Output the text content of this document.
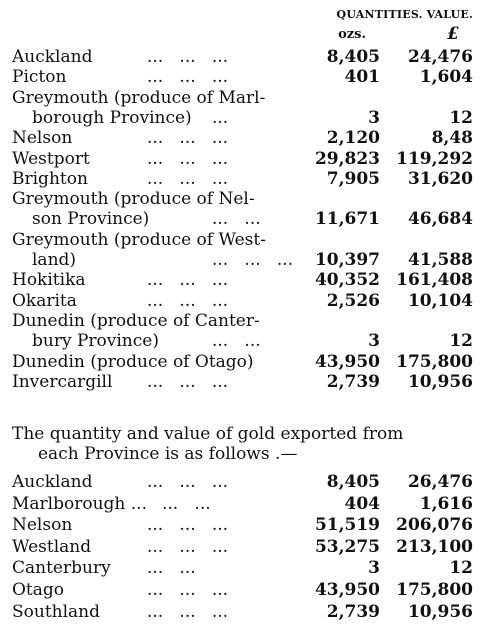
QUANTITIES. VALUE.
ozs.	£
Auckland	...   ...   ...	8,405 24,476
Picton	...   ...   ...	401 1,604
Greymouth (produce of Marl-
borough Province) ...	3	12
Nelson	...   ...   ...	2,120	8,48
Westport	...   ...   ...	29,823 119,292
Brighton	...   ...   ...	7,905 31,620
Greymouth (produce of Nel-
son Province)	...   ...	11,671 46,684
Greymouth (produce of West-
land)	...   ...   ... 10,397 41,588
Hokitika	...   ...   ...	40,352 161,408
Okarita	...   ...   ...	2,526 10,104
Dunedin (produce of Canter-
bury Province)	...   ...	3	12
Dunedin (produce of Otago)	43,950 175,800
Invercargill ...   ...   ...	2,739 10,956
The quantity and value of gold exported from
each Province is as follows .—
Auckland	...   ...   ...	8,405 26,476
Marlborough ... ...   ...	404 1,616
Nelson	...   ...   ...	51,519 206,076
Westland	...   ...   ...	53,275 213,100
Canterbury ...   ...	3	12
Otago	...   ...   ...	43,950 175,800
Southland	...   ...   ...	2,739 10,956
